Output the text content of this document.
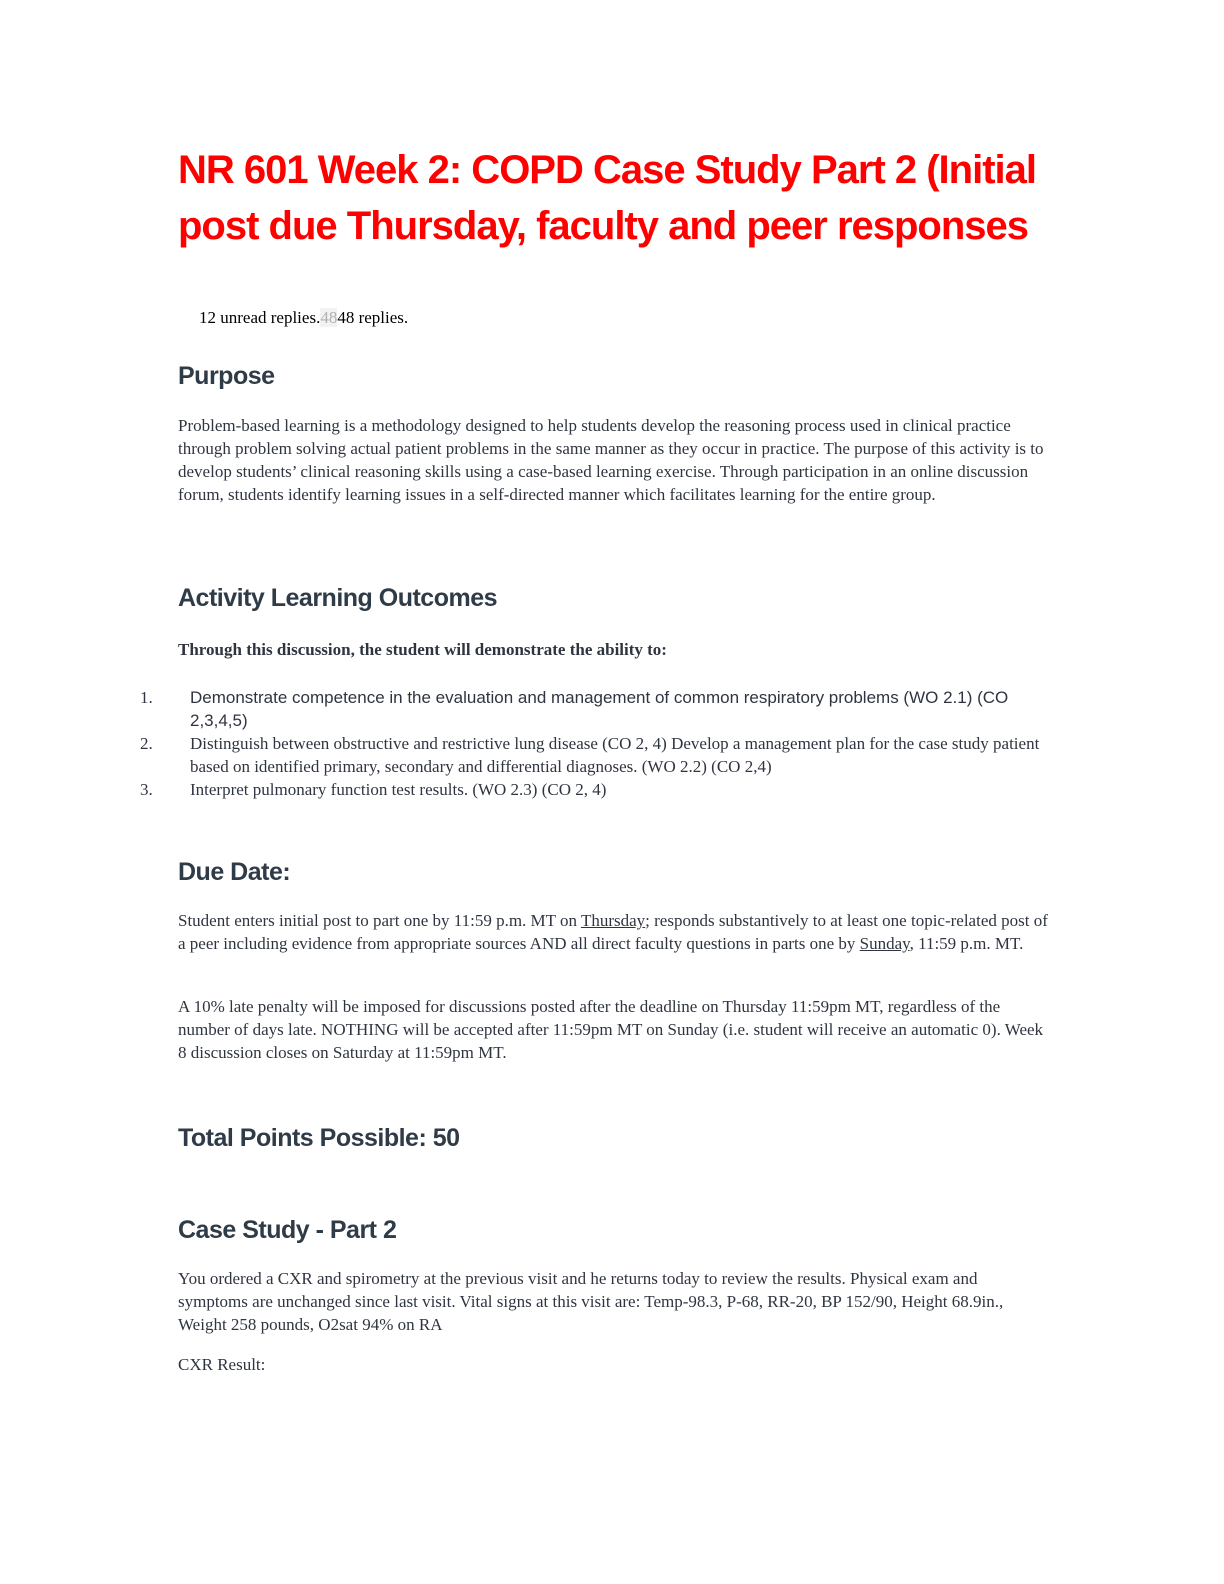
NR 601 Week 2: COPD Case Study Part 2 (Initial post due Thursday, faculty and peer responses
12 unread replies.4848 replies.
Purpose

Problem-based learning is a methodology designed to help students develop the reasoning process used in clinical practice through problem solving actual patient problems in the same manner as they occur in practice. The purpose of this activity is to develop students’ clinical reasoning skills using a case-based learning exercise. Through participation in an online discussion forum, students identify learning issues in a self-directed manner which facilitates learning for the entire group.

Activity Learning Outcomes

Through this discussion, the student will demonstrate the ability to:

1. Demonstrate competence in the evaluation and management of common respiratory problems (WO 2.1) (CO 2,3,4,5)
2. Distinguish between obstructive and restrictive lung disease (CO 2, 4) Develop a management plan for the case study patient based on identified primary, secondary and differential diagnoses. (WO 2.2) (CO 2,4)
3. Interpret pulmonary function test results. (WO 2.3) (CO 2, 4)
Due Date:

Student enters initial post to part one by 11:59 p.m. MT on Thursday; responds substantively to at least one topic-related post of a peer including evidence from appropriate sources AND all direct faculty questions in parts one by Sunday, 11:59 p.m. MT.

A 10% late penalty will be imposed for discussions posted after the deadline on Thursday 11:59pm MT, regardless of the number of days late. NOTHING will be accepted after 11:59pm MT on Sunday (i.e. student will receive an automatic 0). Week 8 discussion closes on Saturday at 11:59pm MT.

Total Points Possible: 50
Case Study - Part 2

You ordered a CXR and spirometry at the previous visit and he returns today to review the results. Physical exam and symptoms are unchanged since last visit. Vital signs at this visit are: Temp-98.3, P-68, RR-20, BP 152/90, Height 68.9in., Weight 258 pounds, O2sat 94% on RA

CXR Result:
